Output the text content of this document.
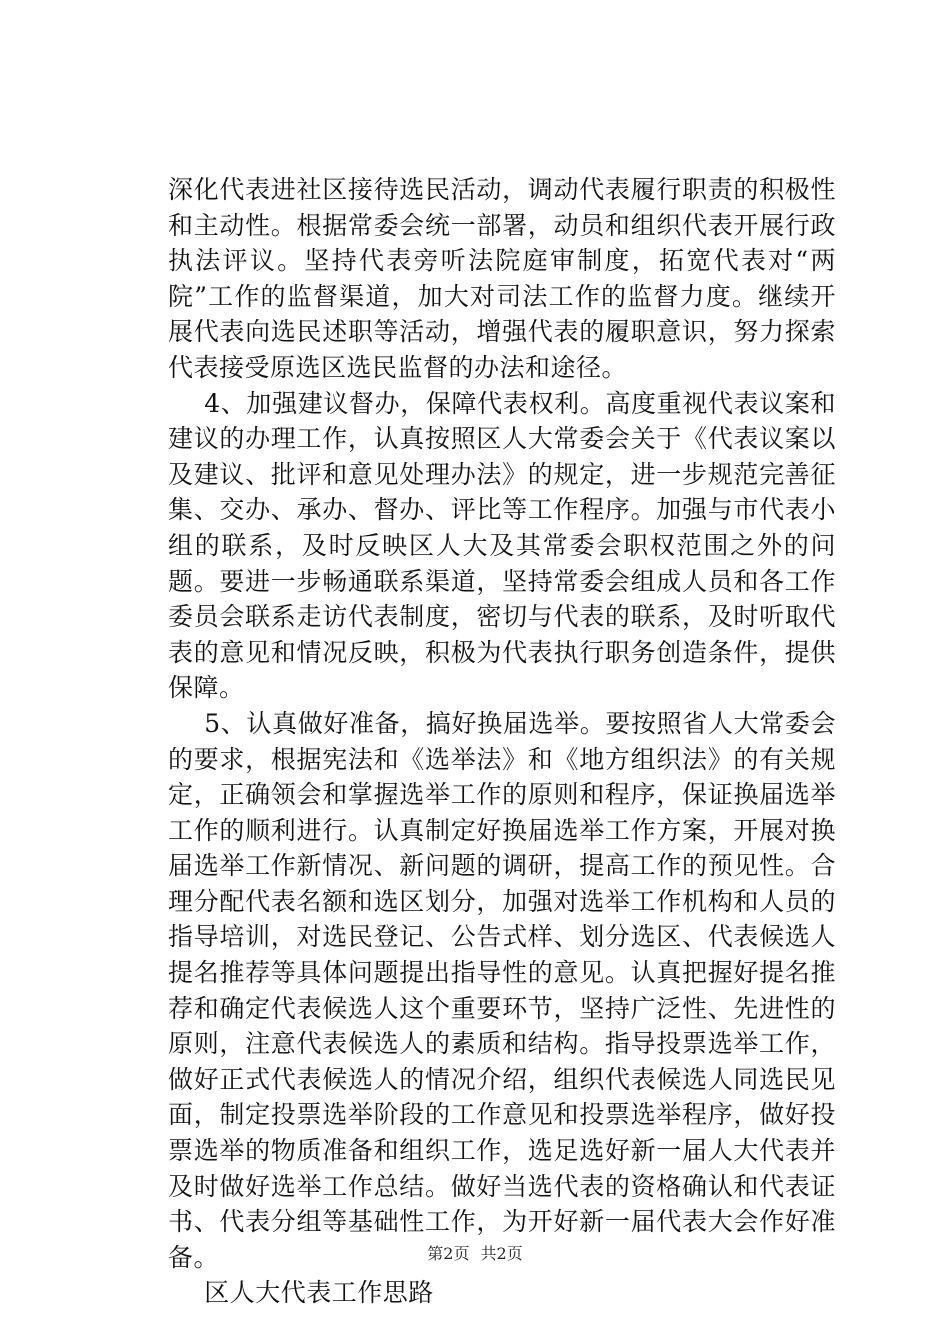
深化代表进社区接待选民活动，调动代表履行职责的积极性和主动性。根据常委会统一部署，动员和组织代表开展行政执法评议。坚持代表旁听法院庭审制度，拓宽代表对“两院”工作的监督渠道，加大对司法工作的监督力度。继续开展代表向选民述职等活动，增强代表的履职意识，努力探索代表接受原选区选民监督的办法和途径。

4、加强建议督办，保障代表权利。高度重视代表议案和建议的办理工作，认真按照区人大常委会关于《代表议案以及建议、批评和意见处理办法》的规定，进一步规范完善征集、交办、承办、督办、评比等工作程序。加强与市代表小组的联系，及时反映区人大及其常委会职权范围之外的问题。要进一步畅通联系渠道，坚持常委会组成人员和各工作委员会联系走访代表制度，密切与代表的联系，及时听取代表的意见和情况反映，积极为代表执行职务创造条件，提供保障。

5、认真做好准备，搞好换届选举。要按照省人大常委会的要求，根据宪法和《选举法》和《地方组织法》的有关规定，正确领会和掌握选举工作的原则和程序，保证换届选举工作的顺利进行。认真制定好换届选举工作方案，开展对换届选举工作新情况、新问题的调研，提高工作的预见性。合理分配代表名额和选区划分，加强对选举工作机构和人员的指导培训，对选民登记、公告式样、划分选区、代表候选人提名推荐等具体问题提出指导性的意见。认真把握好提名推荐和确定代表候选人这个重要环节，坚持广泛性、先进性的原则，注意代表候选人的素质和结构。指导投票选举工作，做好正式代表候选人的情况介绍，组织代表候选人同选民见面，制定投票选举阶段的工作意见和投票选举程序，做好投票选举的物质准备和组织工作，选足选好新一届人大代表并及时做好选举工作总结。做好当选代表的资格确认和代表证书、代表分组等基础性工作，为开好新一届代表大会作好准备。

区人大代表工作思路

第2页 共2页
